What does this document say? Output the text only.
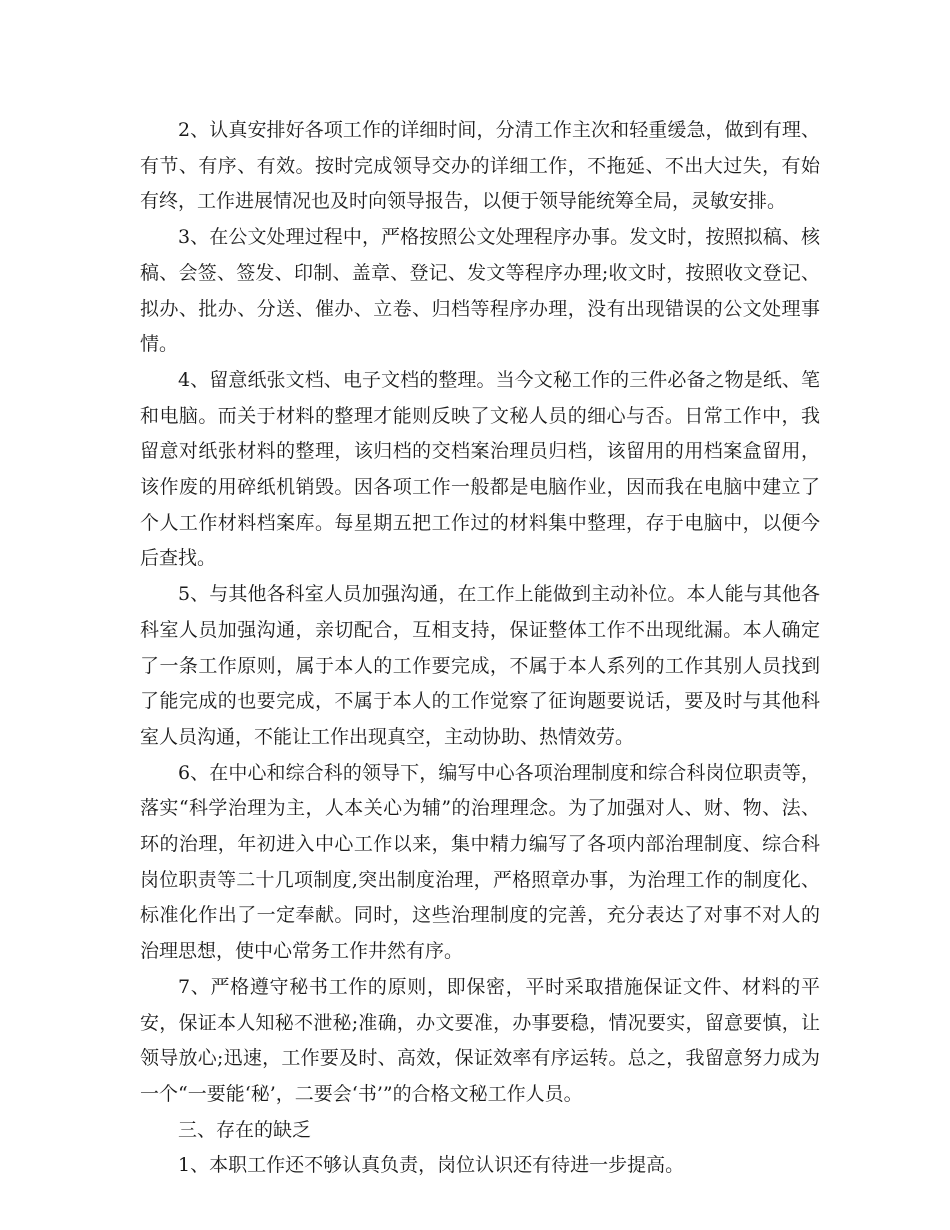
2、认真安排好各项工作的详细时间，分清工作主次和轻重缓急，做到有理、有节、有序、有效。按时完成领导交办的详细工作，不拖延、不出大过失，有始有终，工作进展情况也及时向领导报告，以便于领导能统筹全局，灵敏安排。

3、在公文处理过程中，严格按照公文处理程序办事。发文时，按照拟稿、核稿、会签、签发、印制、盖章、登记、发文等程序办理;收文时，按照收文登记、拟办、批办、分送、催办、立卷、归档等程序办理，没有出现错误的公文处理事情。

4、留意纸张文档、电子文档的整理。当今文秘工作的三件必备之物是纸、笔和电脑。而关于材料的整理才能则反映了文秘人员的细心与否。日常工作中，我留意对纸张材料的整理，该归档的交档案治理员归档，该留用的用档案盒留用，该作废的用碎纸机销毁。因各项工作一般都是电脑作业，因而我在电脑中建立了个人工作材料档案库。每星期五把工作过的材料集中整理，存于电脑中，以便今后查找。

5、与其他各科室人员加强沟通，在工作上能做到主动补位。本人能与其他各科室人员加强沟通，亲切配合，互相支持，保证整体工作不出现纰漏。本人确定了一条工作原则，属于本人的工作要完成，不属于本人系列的工作其别人员找到了能完成的也要完成，不属于本人的工作觉察了征询题要说话，要及时与其他科室人员沟通，不能让工作出现真空，主动协助、热情效劳。

6、在中心和综合科的领导下，编写中心各项治理制度和综合科岗位职责等，落实“科学治理为主，人本关心为辅”的治理理念。为了加强对人、财、物、法、环的治理，年初进入中心工作以来，集中精力编写了各项内部治理制度、综合科岗位职责等二十几项制度,突出制度治理，严格照章办事，为治理工作的制度化、标准化作出了一定奉献。同时，这些治理制度的完善，充分表达了对事不对人的治理思想，使中心常务工作井然有序。

7、严格遵守秘书工作的原则，即保密，平时采取措施保证文件、材料的平安，保证本人知秘不泄秘;准确，办文要准，办事要稳，情况要实，留意要慎，让领导放心;迅速，工作要及时、高效，保证效率有序运转。总之，我留意努力成为一个“一要能‘秘’，二要会‘书’”的合格文秘工作人员。

三、存在的缺乏

1、本职工作还不够认真负责，岗位认识还有待进一步提高。
